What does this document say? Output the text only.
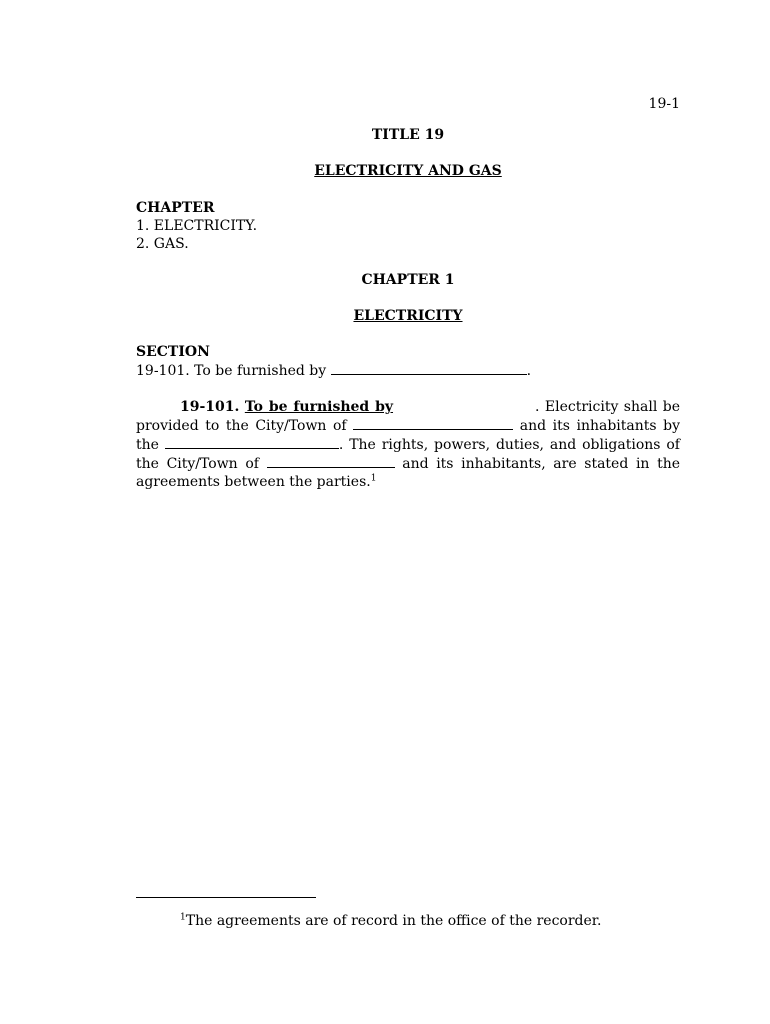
19-1
TITLE 19
ELECTRICITY AND GAS
CHAPTER
1. ELECTRICITY.
2. GAS.
CHAPTER 1
ELECTRICITY
SECTION
19-101. To be furnished by	.
19-101. To be furnished by	. Electricity shall be provided to the City/Town of	and its inhabitants by the	. The rights, powers, duties, and obligations of the City/Town of	and its inhabitants, are stated in the agreements between the parties.$^1$
$^1$The agreements are of record in the office of the recorder.
